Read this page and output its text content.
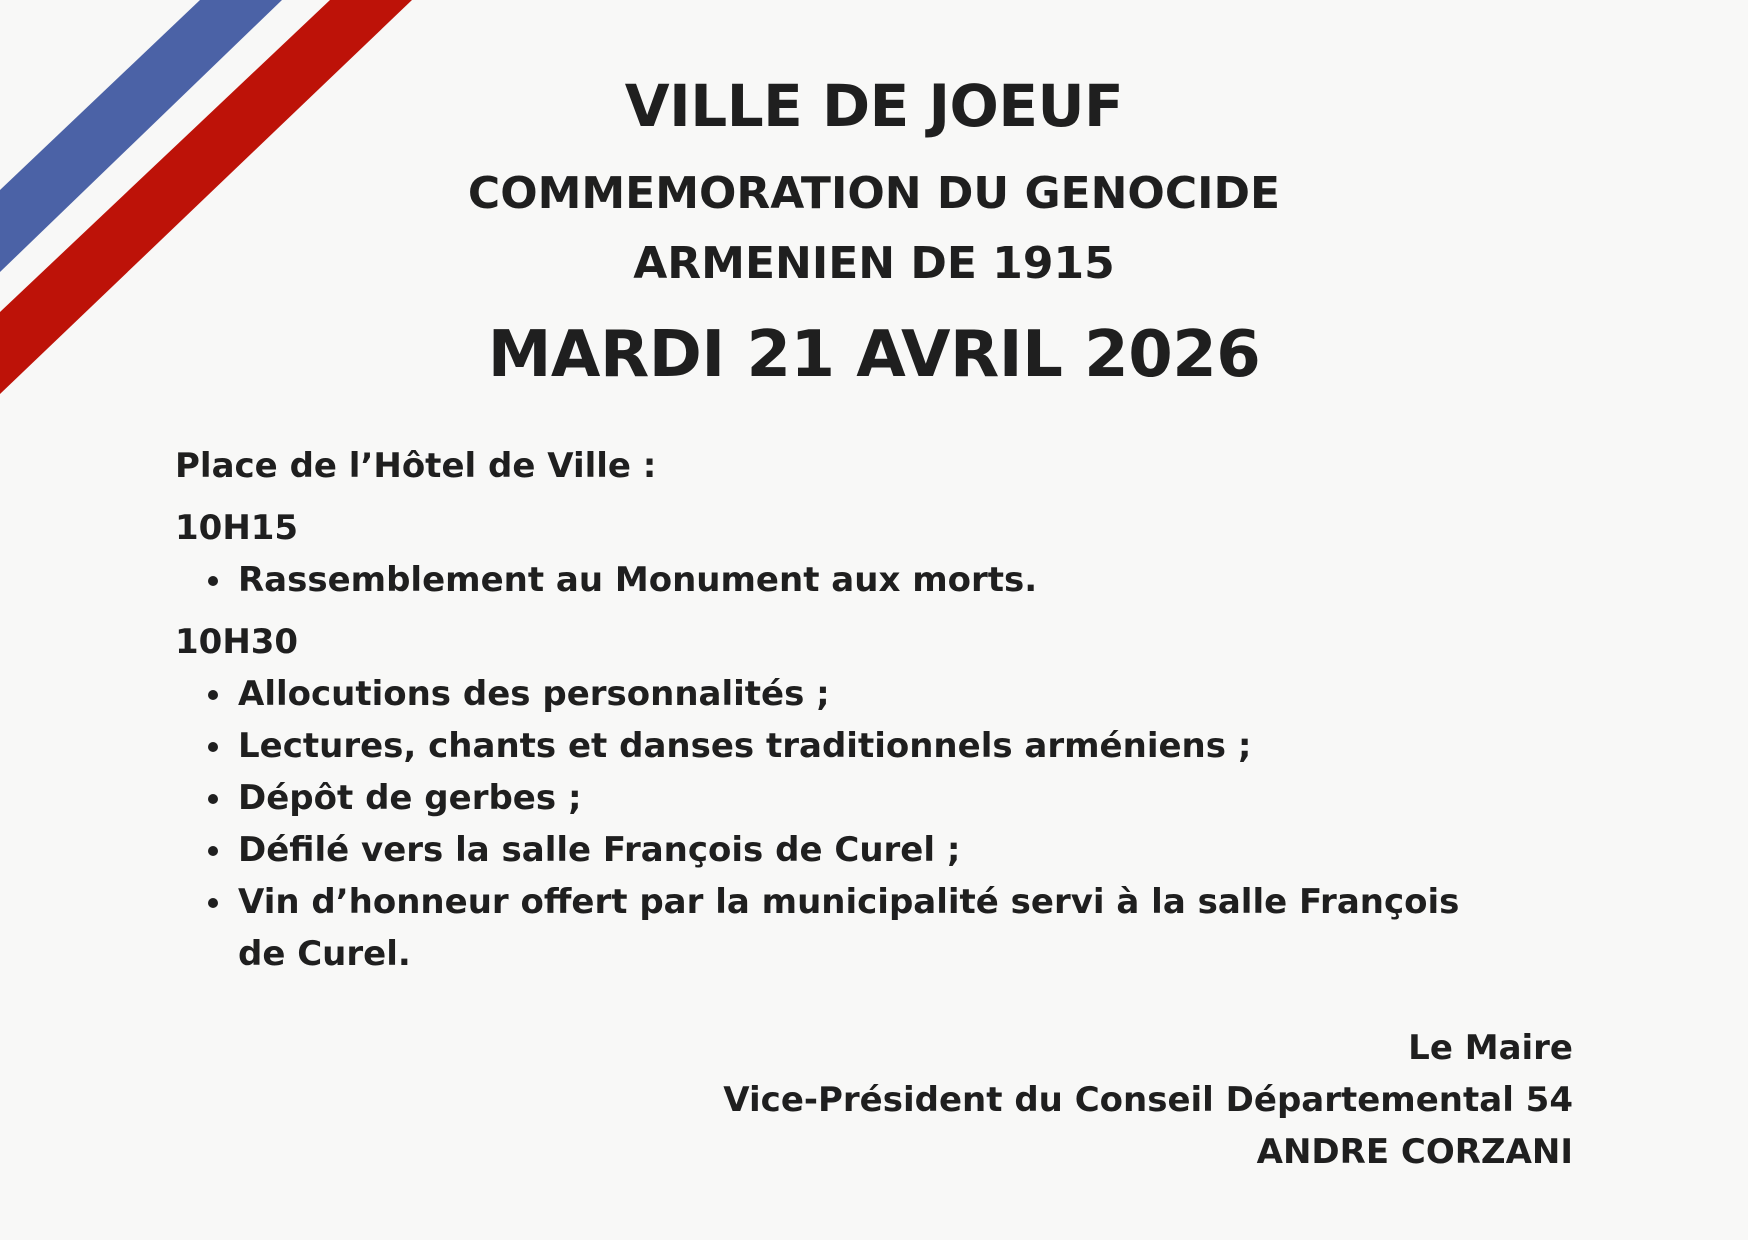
VILLE DE JOEUF
COMMEMORATION DU GENOCIDE
ARMENIEN DE 1915
MARDI 21 AVRIL 2026
Place de l’Hôtel de Ville :
10H15
Rassemblement au Monument aux morts.
10H30
Allocutions des personnalités ;
Lectures, chants et danses traditionnels arméniens ;
Dépôt de gerbes ;
Défilé vers la salle François de Curel ;
Vin d’honneur offert par la municipalité servi à la salle François de Curel.
Le Maire
Vice-Président du Conseil Départemental 54
ANDRE CORZANI
